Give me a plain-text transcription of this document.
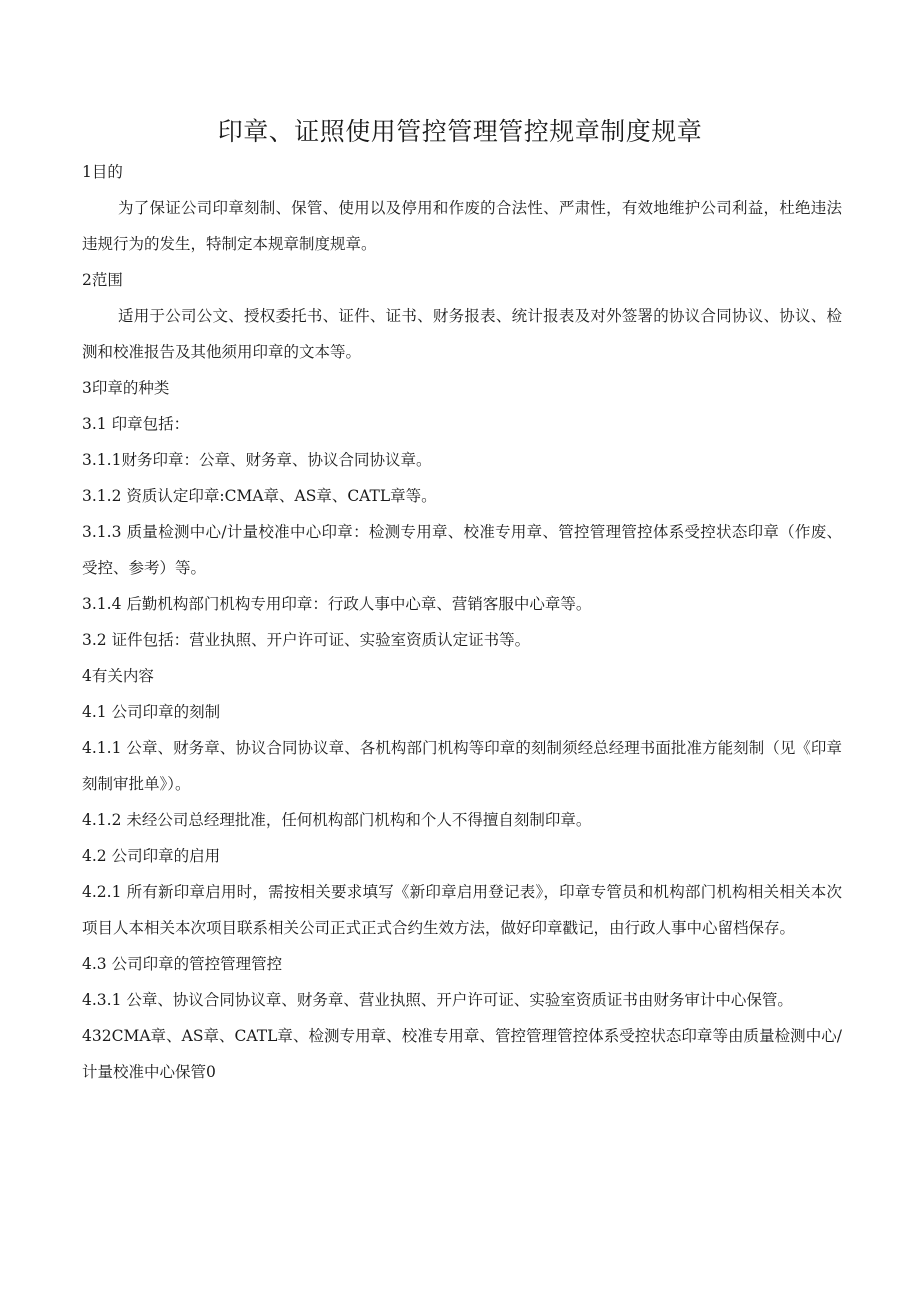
印章、证照使用管控管理管控规章制度规章

1目的

为了保证公司印章刻制、保管、使用以及停用和作废的合法性、严肃性，有效地维护公司利益，杜绝违法违规行为的发生，特制定本规章制度规章。

2范围

适用于公司公文、授权委托书、证件、证书、财务报表、统计报表及对外签署的协议合同协议、协议、检测和校准报告及其他须用印章的文本等。

3印章的种类

3.1 印章包括：

3.1.1财务印章：公章、财务章、协议合同协议章。

3.1.2 资质认定印章:CMA章、AS章、CATL章等。

3.1.3 质量检测中心/计量校准中心印章：检测专用章、校准专用章、管控管理管控体系受控状态印章（作废、受控、参考）等。

3.1.4 后勤机构部门机构专用印章：行政人事中心章、营销客服中心章等。

3.2 证件包括：营业执照、开户许可证、实验室资质认定证书等。

4有关内容

4.1 公司印章的刻制

4.1.1 公章、财务章、协议合同协议章、各机构部门机构等印章的刻制须经总经理书面批准方能刻制（见《印章刻制审批单》）。

4.1.2 未经公司总经理批准，任何机构部门机构和个人不得擅自刻制印章。

4.2 公司印章的启用

4.2.1 所有新印章启用时，需按相关要求填写《新印章启用登记表》，印章专管员和机构部门机构相关相关本次项目人本相关本次项目联系相关公司正式正式合约生效方法，做好印章戳记，由行政人事中心留档保存。

4.3 公司印章的管控管理管控

4.3.1 公章、协议合同协议章、财务章、营业执照、开户许可证、实验室资质证书由财务审计中心保管。

432CMA章、AS章、CATL章、检测专用章、校准专用章、管控管理管控体系受控状态印章等由质量检测中心/计量校准中心保管0
